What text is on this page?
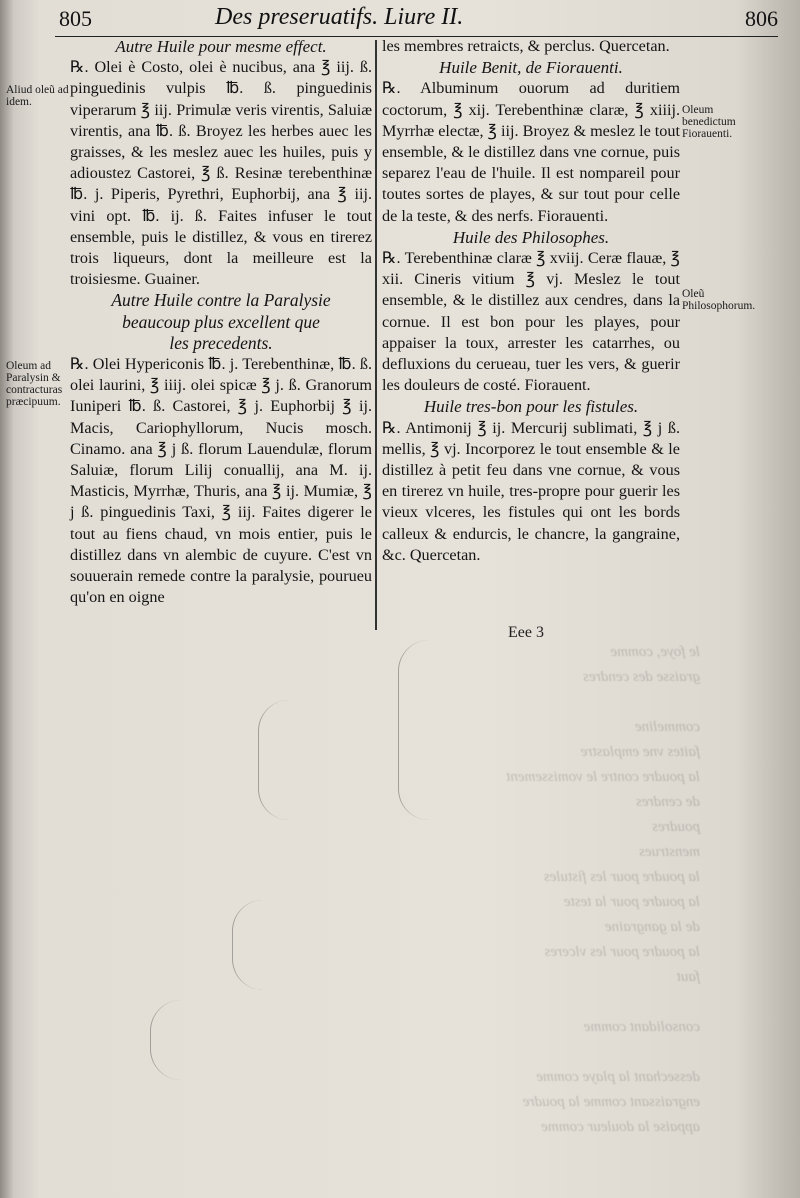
le foye, comme
graisse des cendres

commeline
faites vne emplastre
la poudre contre le vomissement
de cendres
poudres
menstrues
la poudre pour les fistules
la poudre pour la teste
de la gangraine
la poudre pour les vlceres
faut

consolidant comme

dessechant la playe comme
engraissant comme la poudre
appaise la douleur comme
805	Des preseruatifs. Liure II.	806
Aliud oleũ ad idem.
Oleum ad Paralysin & contracturas præcipuum.
Oleum benedictum Fiorauenti.
Oleũ Philosophorum.

Autre Huile pour mesme effect.

℞. Olei è Costo, olei è nucibus, ana ℥ iij. ß. pinguedinis vulpis ℔. ß. pinguedinis viperarum ℥ iij. Primulæ veris virentis, Saluiæ virentis, ana ℔. ß. Broyez les herbes auec les graisses, & les meslez auec les huiles, puis y adioustez Castorei, ℥ ß. Resinæ terebenthinæ ℔. j. Piperis, Pyrethri, Euphorbij, ana ℥ iij. vini opt. ℔. ij. ß. Faites infuser le tout ensemble, puis le distillez, & vous en tirerez trois liqueurs, dont la meilleure est la troisiesme. Guainer.

Autre Huile contre la Paralysie

beaucoup plus excellent que

les precedents.

℞. Olei Hypericonis ℔. j. Terebenthinæ, ℔. ß. olei laurini, ℥ iiij. olei spicæ ℥ j. ß. Granorum Iuniperi ℔. ß. Castorei, ℥ j. Euphorbij ℥ ij. Macis, Cariophyllorum, Nucis mosch. Cinamo. ana ℥ j ß. florum Lauendulæ, florum Saluiæ, florum Lilij conuallij, ana M. ij. Masticis, Myrrhæ, Thuris, ana ℥ ij. Mumiæ, ℥ j ß. pinguedinis Taxi, ℥ iij. Faites digerer le tout au fiens chaud, vn mois entier, puis le distillez dans vn alembic de cuyure. C'est vn souuerain remede contre la paralysie, pourueu qu'on en oigne

les membres retraicts, & perclus. Quercetan.

Huile Benit, de Fiorauenti.

℞. Albuminum ouorum ad duritiem coctorum, ℥ xij. Terebenthinæ claræ, ℥ xiiij. Myrrhæ electæ, ℥ iij. Broyez & meslez le tout ensemble, & le distillez dans vne cornue, puis separez l'eau de l'huile. Il est nompareil pour toutes sortes de playes, & sur tout pour celle de la teste, & des nerfs. Fiorauenti.

Huile des Philosophes.

℞. Terebenthinæ claræ ℥ xviij. Ceræ flauæ, ℥ xii. Cineris vitium ℥ vj. Meslez le tout ensemble, & le distillez aux cendres, dans la cornue. Il est bon pour les playes, pour appaiser la toux, arrester les catarrhes, ou defluxions du cerueau, tuer les vers, & guerir les douleurs de costé. Fiorauent.

Huile tres-bon pour les fistules.

℞. Antimonij ℥ ij. Mercurij sublimati, ℥ j ß. mellis, ℥ vj. Incorporez le tout ensemble & le distillez à petit feu dans vne cornue, & vous en tirerez vn huile, tres-propre pour guerir les vieux vlceres, les fistules qui ont les bords calleux & endurcis, le chancre, la gangraine, &c. Quercetan.

Eee 3
